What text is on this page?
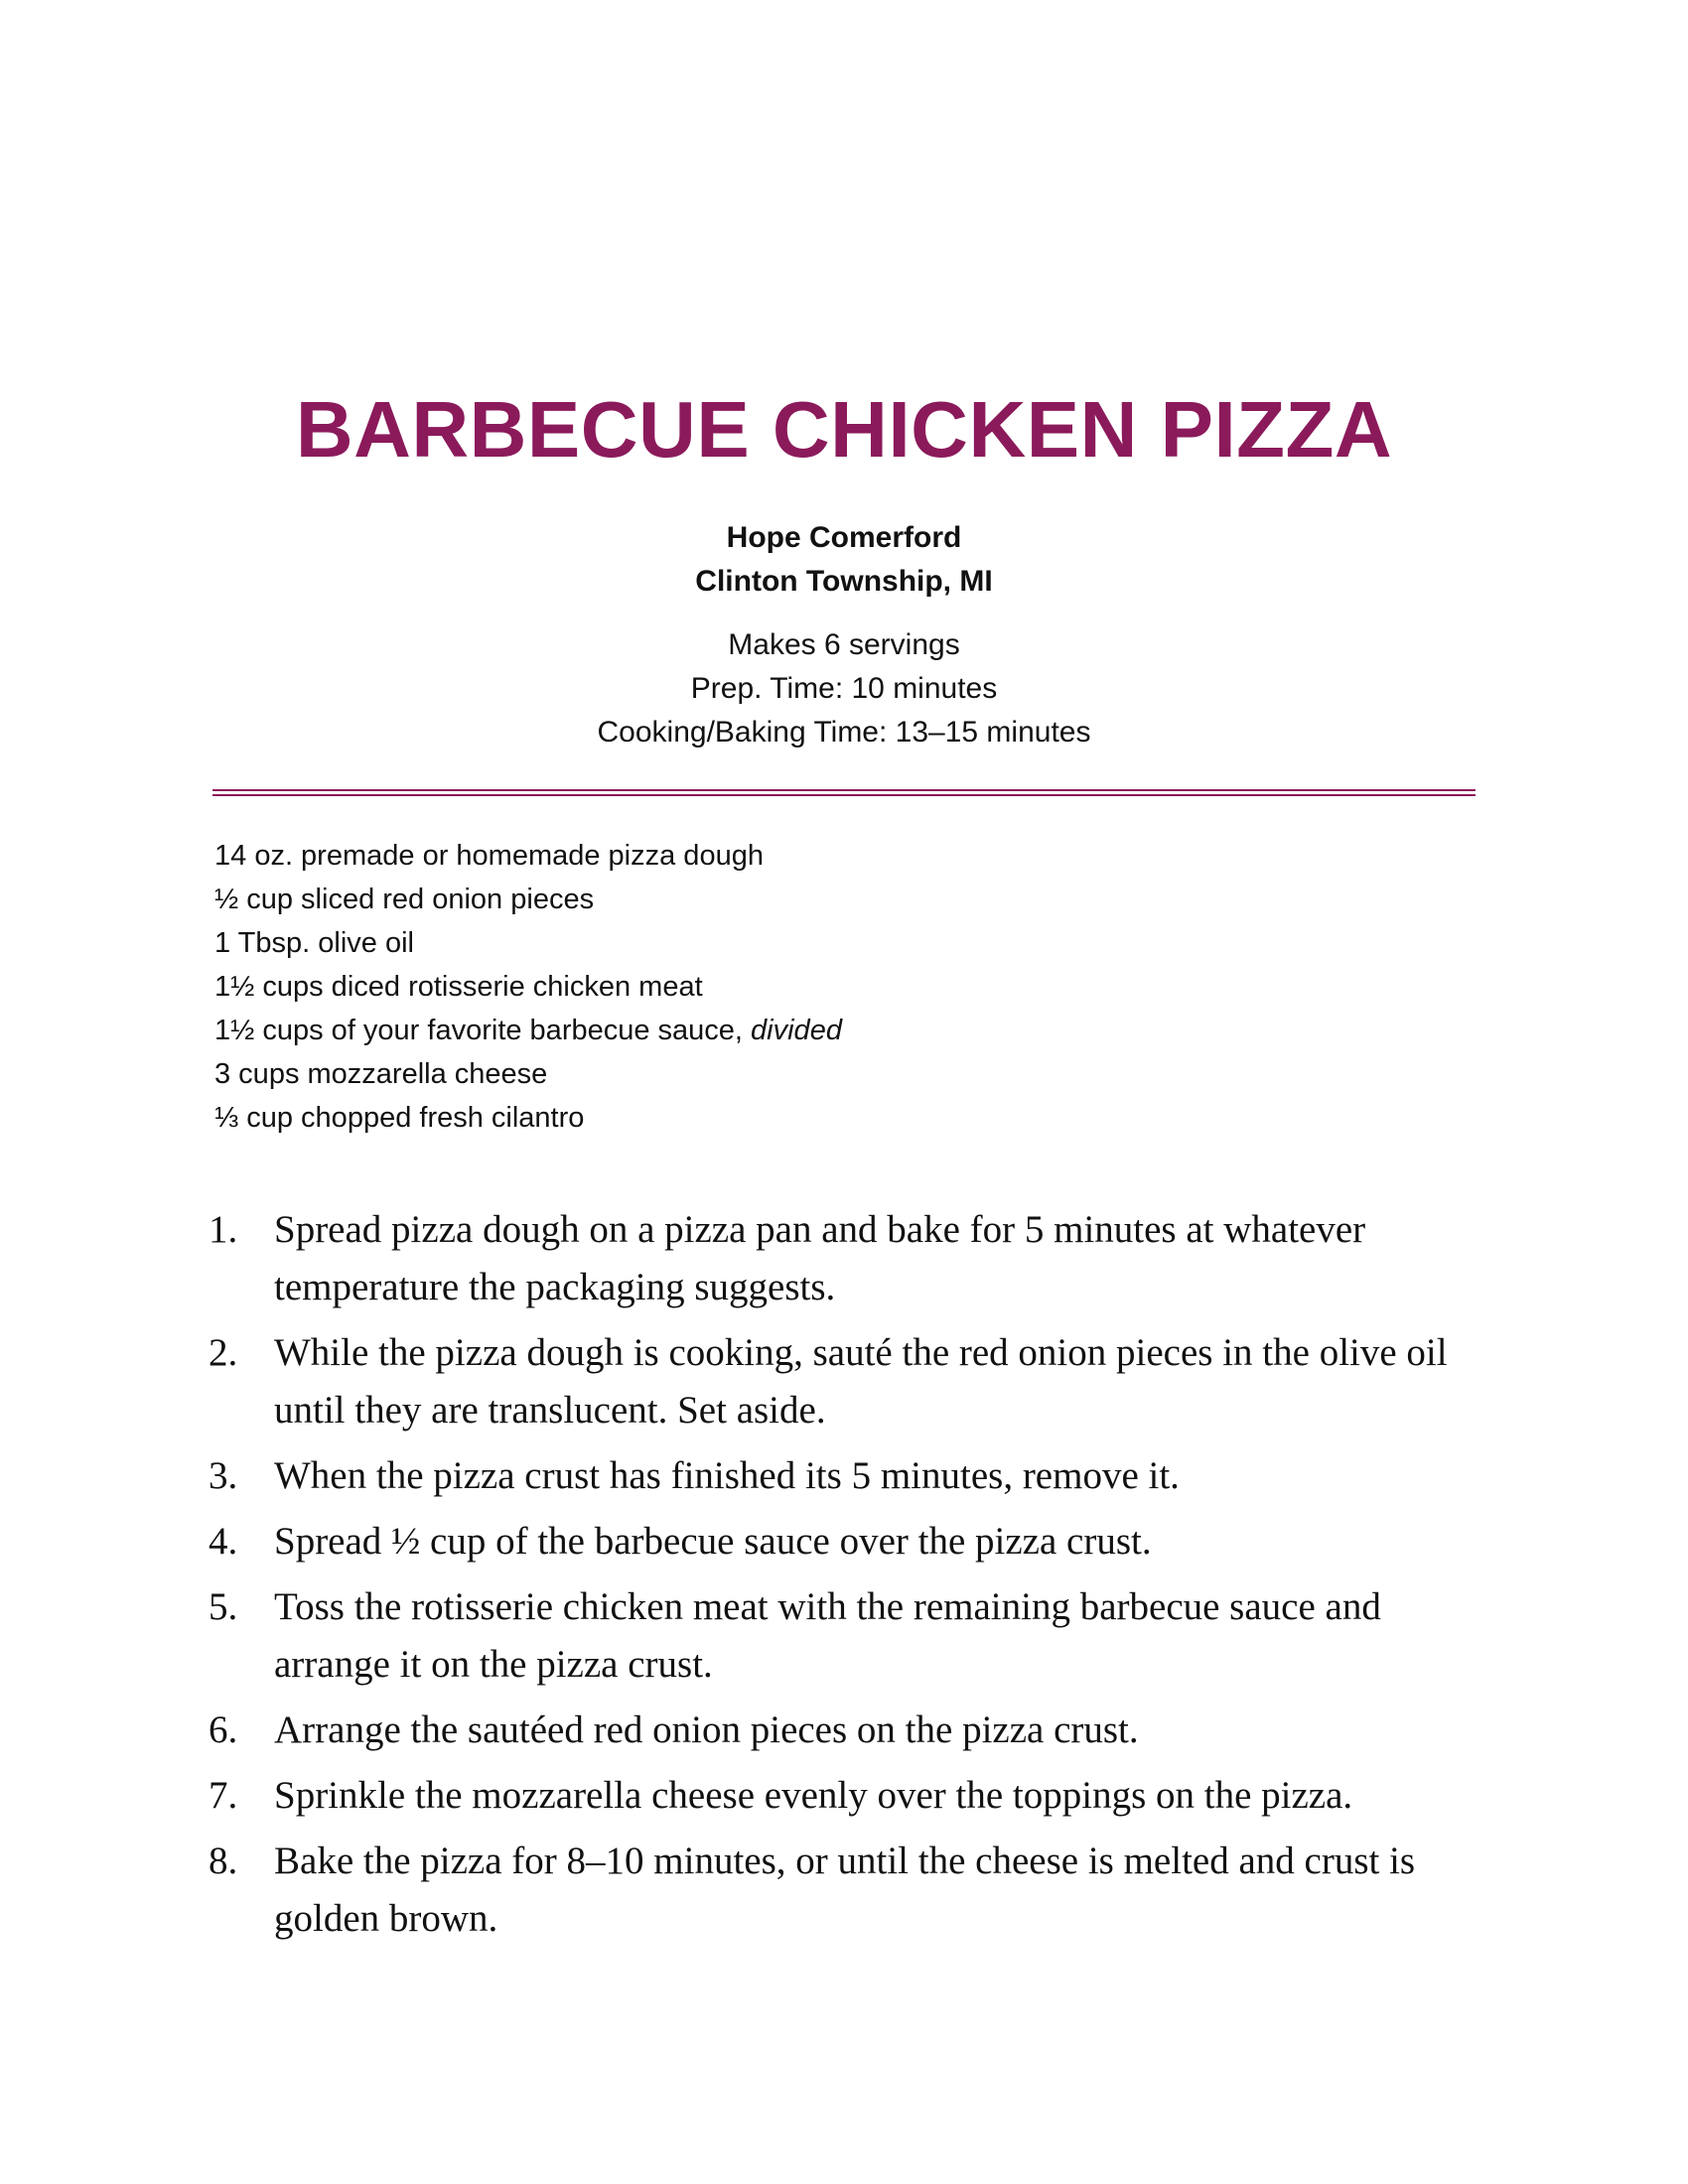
BARBECUE CHICKEN PIZZA
Hope Comerford
Clinton Township, MI
Makes 6 servings
Prep. Time: 10 minutes
Cooking/Baking Time: 13–15 minutes
14 oz. premade or homemade pizza dough
½ cup sliced red onion pieces
1 Tbsp. olive oil
1½ cups diced rotisserie chicken meat
1½ cups of your favorite barbecue sauce, divided
3 cups mozzarella cheese
⅓ cup chopped fresh cilantro
1. Spread pizza dough on a pizza pan and bake for 5 minutes at whatever temperature the packaging suggests.
2. While the pizza dough is cooking, sauté the red onion pieces in the olive oil until they are translucent. Set aside.
3. When the pizza crust has finished its 5 minutes, remove it.
4. Spread ½ cup of the barbecue sauce over the pizza crust.
5. Toss the rotisserie chicken meat with the remaining barbecue sauce and arrange it on the pizza crust.
6. Arrange the sautéed red onion pieces on the pizza crust.
7. Sprinkle the mozzarella cheese evenly over the toppings on the pizza.
8. Bake the pizza for 8–10 minutes, or until the cheese is melted and crust is golden brown.
